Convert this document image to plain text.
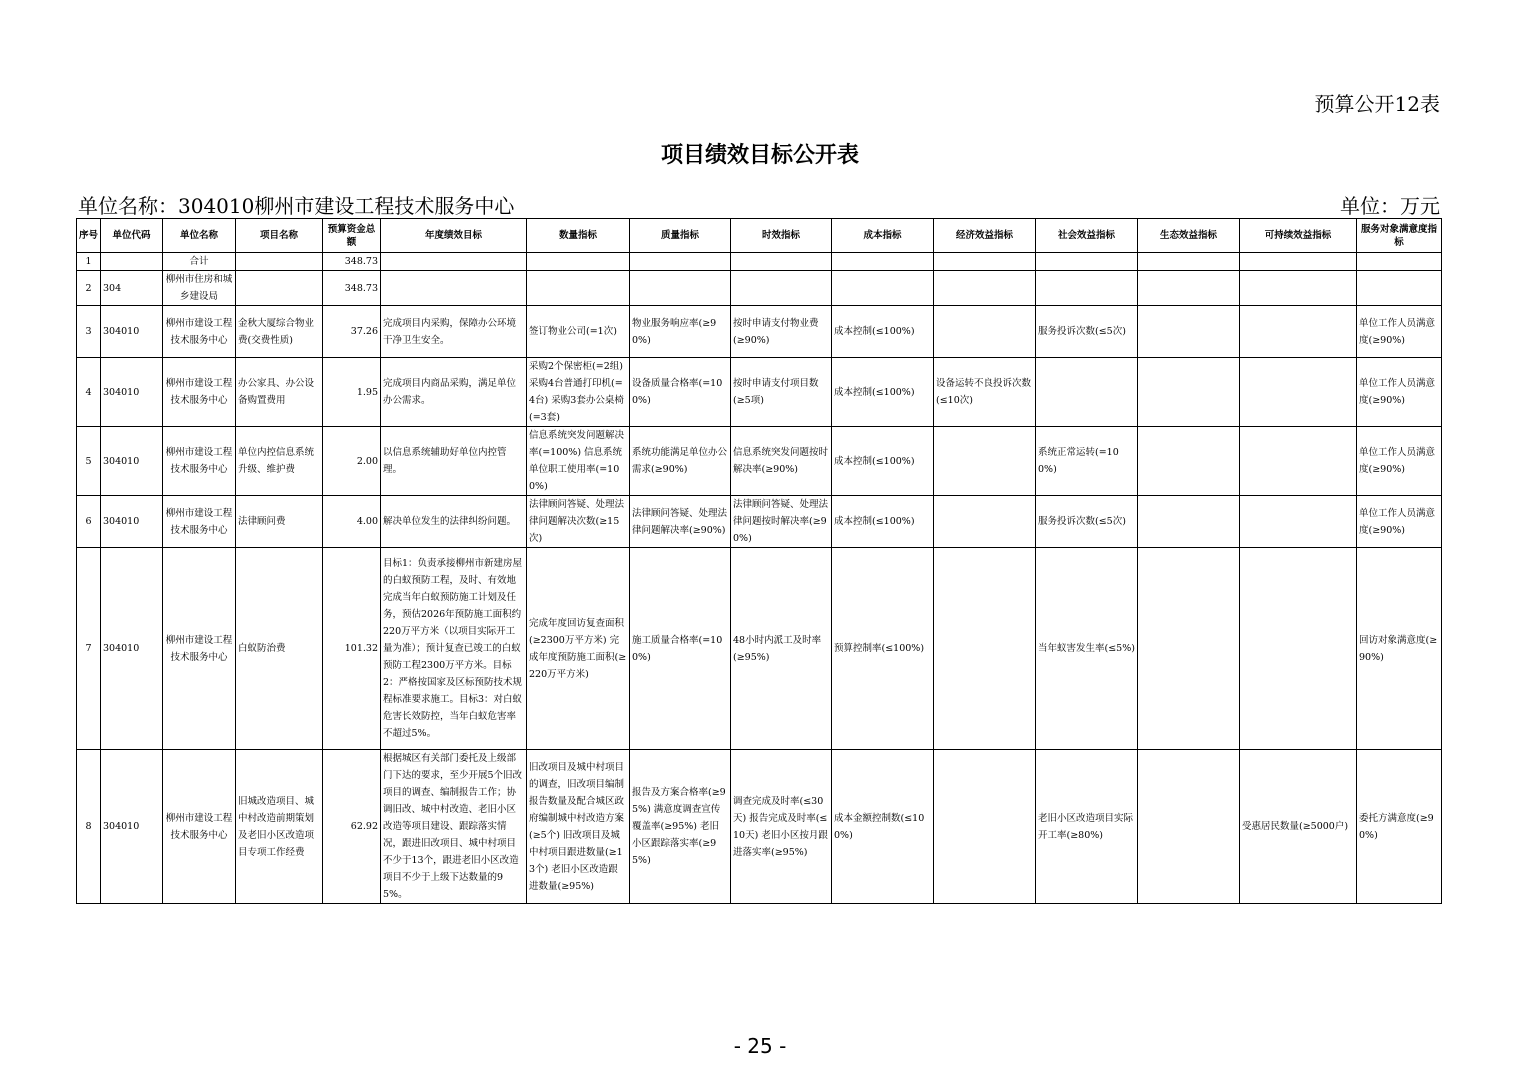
预算公开12表
项目绩效目标公开表
单位名称：304010柳州市建设工程技术服务中心	单位：万元
序号	单位代码	单位名称	项目名称	预算资金总额	年度绩效目标	数量指标	质量指标	时效指标	成本指标	经济效益指标	社会效益指标	生态效益指标	可持续效益指标	服务对象满意度指标
1		合计		348.73										
2	304	柳州市住房和城乡建设局		348.73										
3	304010	柳州市建设工程技术服务中心	金秋大厦综合物业费(交费性质)	37.26	完成项目内采购，保障办公环境干净卫生安全。	签订物业公司(=1次)	物业服务响应率(≥90%)	按时申请支付物业费(≥90%)	成本控制(≤100%)		服务投诉次数(≤5次)			单位工作人员满意度(≥90%)
4	304010	柳州市建设工程技术服务中心	办公家具、办公设备购置费用	1.95	完成项目内商品采购，满足单位办公需求。	采购2个保密柜(=2组) 采购4台普通打印机(=4台) 采购3套办公桌椅(=3套)	设备质量合格率(=100%)	按时申请支付项目数(≥5项)	成本控制(≤100%)	设备运转不良投诉次数(≤10次)				单位工作人员满意度(≥90%)
5	304010	柳州市建设工程技术服务中心	单位内控信息系统升级、维护费	2.00	以信息系统辅助好单位内控管理。	信息系统突发问题解决率(=100%) 信息系统单位职工使用率(=100%)	系统功能满足单位办公需求(≥90%)	信息系统突发问题按时解决率(≥90%)	成本控制(≤100%)		系统正常运转(=100%)			单位工作人员满意度(≥90%)
6	304010	柳州市建设工程技术服务中心	法律顾问费	4.00	解决单位发生的法律纠纷问题。	法律顾问答疑、处理法律问题解决次数(≥15次)	法律顾问答疑、处理法律问题解决率(≥90%)	法律顾问答疑、处理法律问题按时解决率(≥90%)	成本控制(≤100%)		服务投诉次数(≤5次)			单位工作人员满意度(≥90%)
7	304010	柳州市建设工程技术服务中心	白蚁防治费	101.32	目标1：负责承接柳州市新建房屋的白蚁预防工程，及时、有效地完成当年白蚁预防施工计划及任务，预估2026年预防施工面积约220万平方米（以项目实际开工量为准）；预计复查已竣工的白蚁预防工程2300万平方米。目标2：严格按国家及区标预防技术规程标准要求施工。目标3：对白蚁危害长效防控，当年白蚁危害率不超过5%。	完成年度回访复查面积(≥2300万平方米) 完成年度预防施工面积(≥220万平方米)	施工质量合格率(=100%)	48小时内派工及时率(≥95%)	预算控制率(≤100%)		当年蚁害发生率(≤5%)			回访对象满意度(≥90%)
8	304010	柳州市建设工程技术服务中心	旧城改造项目、城中村改造前期策划及老旧小区改造项目专项工作经费	62.92	根据城区有关部门委托及上级部门下达的要求，至少开展5个旧改项目的调查、编制报告工作；协调旧改、城中村改造、老旧小区改造等项目建设、跟踪落实情况，跟进旧改项目、城中村项目不少于13个，跟进老旧小区改造项目不少于上级下达数量的95%。	旧改项目及城中村项目的调查，旧改项目编制报告数量及配合城区政府编制城中村改造方案(≥5个) 旧改项目及城中村项目跟进数量(≥13个) 老旧小区改造跟进数量(≥95%)	报告及方案合格率(≥95%) 满意度调查宣传覆盖率(≥95%) 老旧小区跟踪落实率(≥95%)	调查完成及时率(≤30天) 报告完成及时率(≤10天) 老旧小区按月跟进落实率(≥95%)	成本金额控制数(≤100%)		老旧小区改造项目实际开工率(≥80%)		受惠居民数量(≥5000户)	委托方满意度(≥90%)
- 25 -
